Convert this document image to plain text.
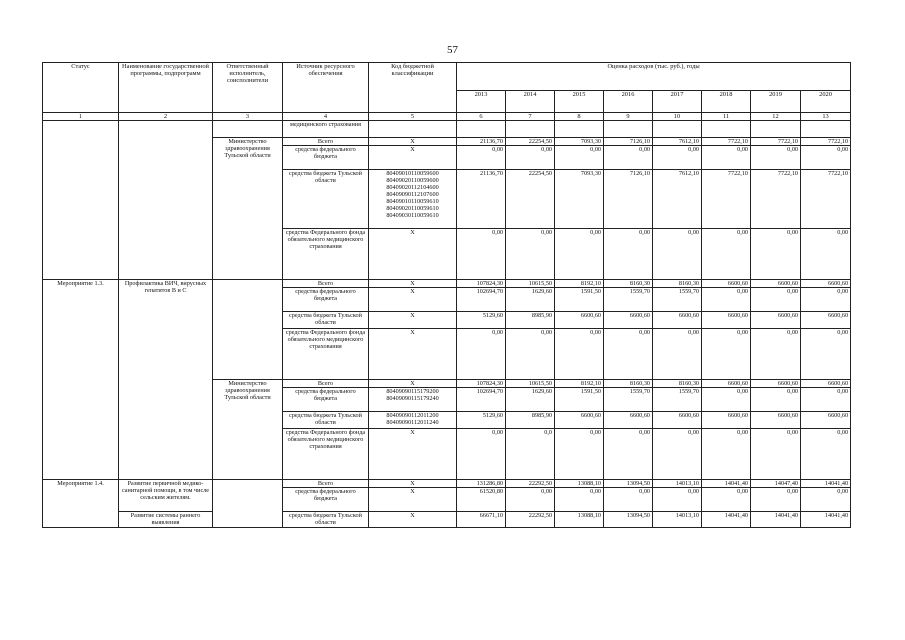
57
Статус	Наименование государственной программы, подпрограмм	Ответственный исполнитель, соисполнители	Источник ресурсного обеспечения	Код бюджетной классификации	Оценка расходов (тыс. руб.), годы							
					2013	2014	2015	2016	2017	2018	2019	2020
1	2	3	4	5	6	7	8	9	10	11	12	13
			медицинского страхования									
		Министерство здравоохранения Тульской области	Всего	Х	21136,70	22254,50	7093,30	7126,10	7612,10	7722,10	7722,10	7722,10
			средства федерального бюджета	Х	0,00	0,00	0,00	0,00	0,00	0,00	0,00	0,00
			средства бюджета Тульской области	80409010110059600 80409020110059600 80409020112104600 80409090112107600 80409010110059610 80409020110059610 80409030110059610	21136,70	22254,50	7093,30	7126,10	7612,10	7722,10	7722,10	7722,10
			средства Федерального фонда обязательного медицинского страхования	Х	0,00	0,00	0,00	0,00	0,00	0,00	0,00	0,00
Мероприятие 1.3.	Профилактика ВИЧ, вирусных гепатитов В и С		Всего	Х	107824,30	10615,50	8192,10	8160,30	8160,30	6600,60	6600,60	6600,60
			средства федерального бюджета	Х	102694,70	1629,60	1591,50	1559,70	1559,70	0,00	0,00	0,00
			средства бюджета Тульской области	Х	5129,60	8985,90	6600,60	6600,60	6600,60	6600,60	6600,60	6600,60
			средства Федерального фонда обязательного медицинского страхования	Х	0,00	0,00	0,00	0,00	0,00	0,00	0,00	0,00
		Министерство здравоохранения Тульской области	Всего	Х	107824,30	10615,50	8192,10	8160,30	8160,30	6600,60	6600,60	6600,60
			средства федерального бюджета	80409090115179200 80409090115179240	102694,70	1629,60	1591,50	1559,70	1559,70	0,00	0,00	0,00
			средства бюджета Тульской области	80409090112011200 80409090112011240	5129,60	8985,90	6600,60	6600,60	6600,60	6600,60	6600,60	6600,60
			средства Федерального фонда обязательного медицинского страхования	Х	0,00	0,0	0,00	0,00	0,00	0,00	0,00	0,00
Мероприятие 1.4.	Развитие первичной медико-санитарной помощи, в том числе сельским жителям.		Всего	Х	131286,80	22292,50	13088,10	13094,50	14013,10	14041,40	14047,40	14041,40
			средства федерального бюджета	Х	61520,80	0,00	0,00	0,00	0,00	0,00	0,00	0,00
	Развитие системы раннего выявления		средства бюджета Тульской области	Х	66671,10	22292,50	13088,10	13094,50	14013,10	14041,40	14041,40	14041,40
